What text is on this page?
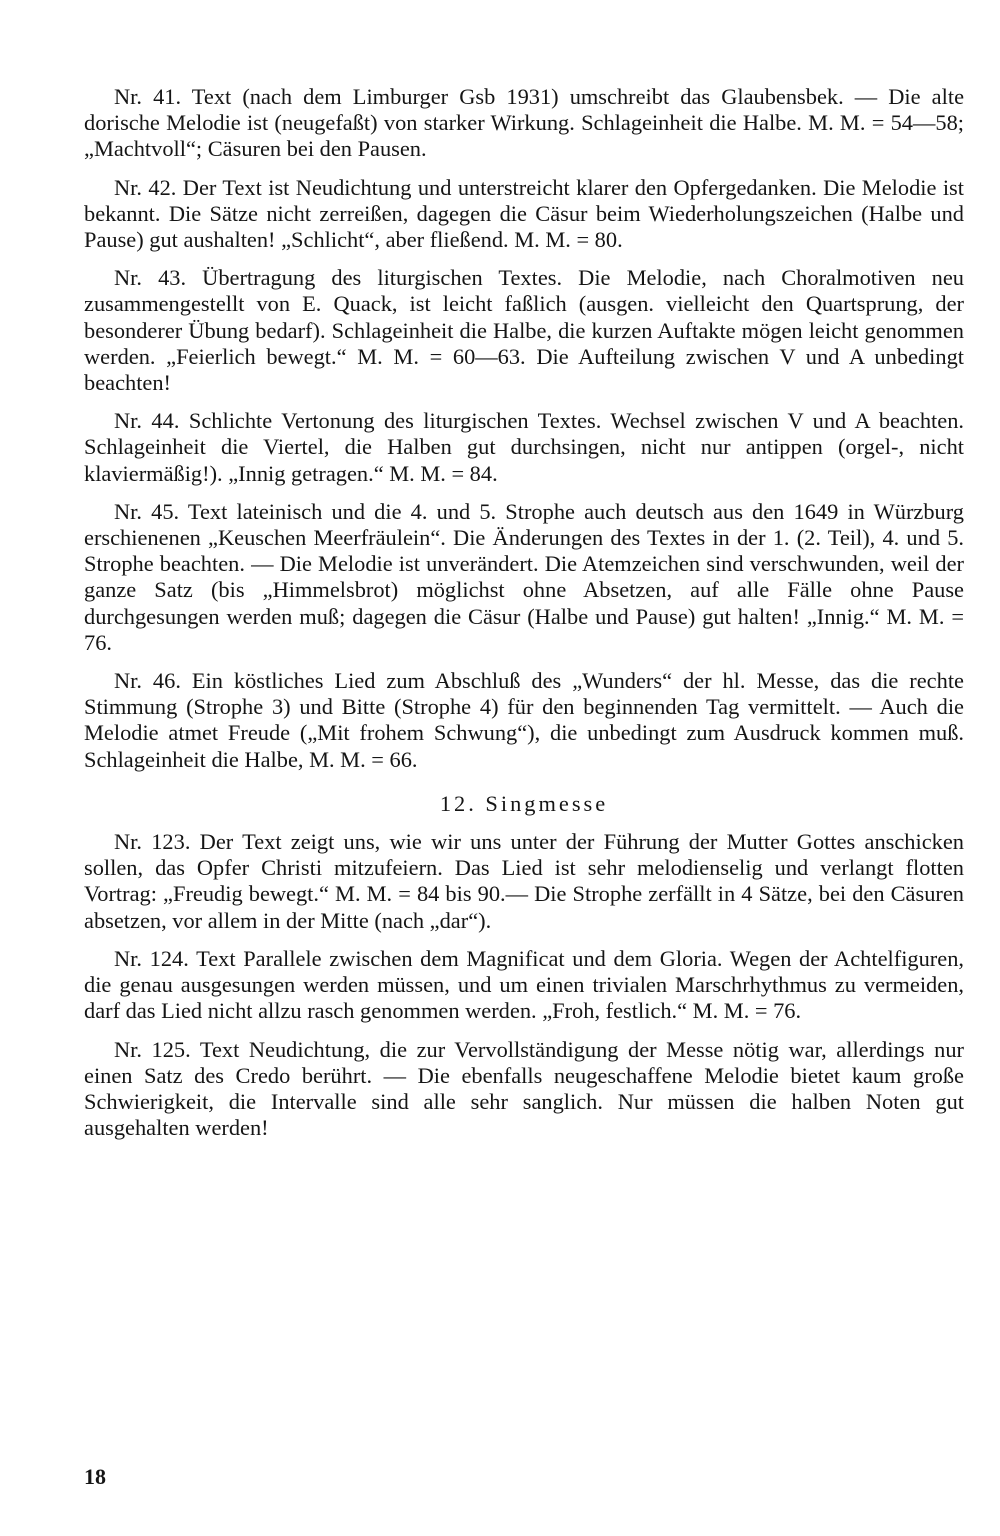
Nr. 41. Text (nach dem Limburger Gsb 1931) umschreibt das Glaubensbek. — Die alte dorische Melodie ist (neugefaßt) von starker Wirkung. Schlageinheit die Halbe. M. M. = 54—58; „Machtvoll“; Cäsuren bei den Pausen.

Nr. 42. Der Text ist Neudichtung und unterstreicht klarer den Opfergedanken. Die Melodie ist bekannt. Die Sätze nicht zerreißen, dagegen die Cäsur beim Wiederholungszeichen (Halbe und Pause) gut aushalten! „Schlicht“, aber fließend. M. M. = 80.

Nr. 43. Übertragung des liturgischen Textes. Die Melodie, nach Choralmotiven neu zusammengestellt von E. Quack, ist leicht faßlich (ausgen. vielleicht den Quartsprung, der besonderer Übung bedarf). Schlageinheit die Halbe, die kurzen Auftakte mögen leicht genommen werden. „Feierlich bewegt.“ M. M. = 60—63. Die Aufteilung zwischen V und A unbedingt beachten!

Nr. 44. Schlichte Vertonung des liturgischen Textes. Wechsel zwischen V und A beachten. Schlageinheit die Viertel, die Halben gut durchsingen, nicht nur antippen (orgel-, nicht klaviermäßig!). „Innig getragen.“ M. M. = 84.

Nr. 45. Text lateinisch und die 4. und 5. Strophe auch deutsch aus den 1649 in Würzburg erschienenen „Keuschen Meerfräulein“. Die Änderungen des Textes in der 1. (2. Teil), 4. und 5. Strophe beachten. — Die Melodie ist unverändert. Die Atemzeichen sind verschwunden, weil der ganze Satz (bis „Himmelsbrot) möglichst ohne Absetzen, auf alle Fälle ohne Pause durchgesungen werden muß; dagegen die Cäsur (Halbe und Pause) gut halten! „Innig.“ M. M. = 76.

Nr. 46. Ein köstliches Lied zum Abschluß des „Wunders“ der hl. Messe, das die rechte Stimmung (Strophe 3) und Bitte (Strophe 4) für den beginnenden Tag vermittelt. — Auch die Melodie atmet Freude („Mit frohem Schwung“), die unbedingt zum Ausdruck kommen muß. Schlageinheit die Halbe, M. M. = 66.

12. Singmesse

Nr. 123. Der Text zeigt uns, wie wir uns unter der Führung der Mutter Gottes anschicken sollen, das Opfer Christi mitzufeiern. Das Lied ist sehr melodienselig und verlangt flotten Vortrag: „Freudig bewegt.“ M. M. = 84 bis 90.— Die Strophe zerfällt in 4 Sätze, bei den Cäsuren absetzen, vor allem in der Mitte (nach „dar“).

Nr. 124. Text Parallele zwischen dem Magnificat und dem Gloria. Wegen der Achtelfiguren, die genau ausgesungen werden müssen, und um einen trivialen Marschrhythmus zu vermeiden, darf das Lied nicht allzu rasch genommen werden. „Froh, festlich.“ M. M. = 76.

Nr. 125. Text Neudichtung, die zur Vervollständigung der Messe nötig war, allerdings nur einen Satz des Credo berührt. — Die ebenfalls neugeschaffene Melodie bietet kaum große Schwierigkeit, die Intervalle sind alle sehr sanglich. Nur müssen die halben Noten gut ausgehalten werden!

18
